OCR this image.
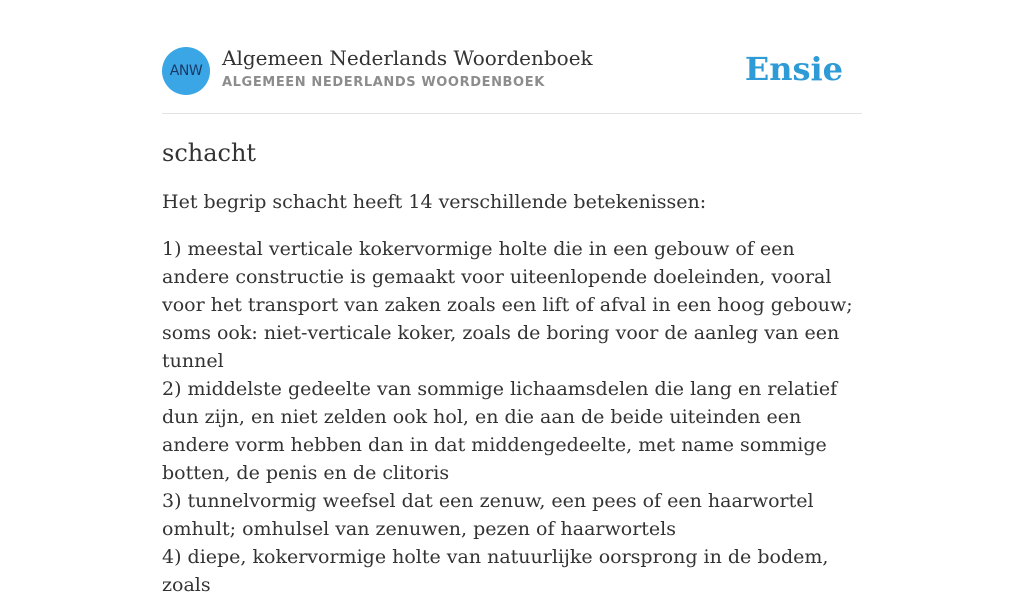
ANW
Algemeen Nederlands Woordenboek
ALGEMEEN NEDERLANDS WOORDENBOEK	Ensie
schacht

Het begrip schacht heeft 14 verschillende betekenissen:

1) meestal verticale kokervormige holte die in een gebouw of een andere constructie is gemaakt voor uiteenlopende doeleinden, vooral voor het transport van zaken zoals een lift of afval in een hoog gebouw; soms ook: niet-verticale koker, zoals de boring voor de aanleg van een tunnel

2) middelste gedeelte van sommige lichaamsdelen die lang en relatief dun zijn, en niet zelden ook hol, en die aan de beide uiteinden een andere vorm hebben dan in dat middengedeelte, met name sommige botten, de penis en de clitoris

3) tunnelvormig weefsel dat een zenuw, een pees of een haarwortel omhult; omhulsel van zenuwen, pezen of haarwortels

4) diepe, kokervormige holte van natuurlijke oorsprong in de bodem, zoals
